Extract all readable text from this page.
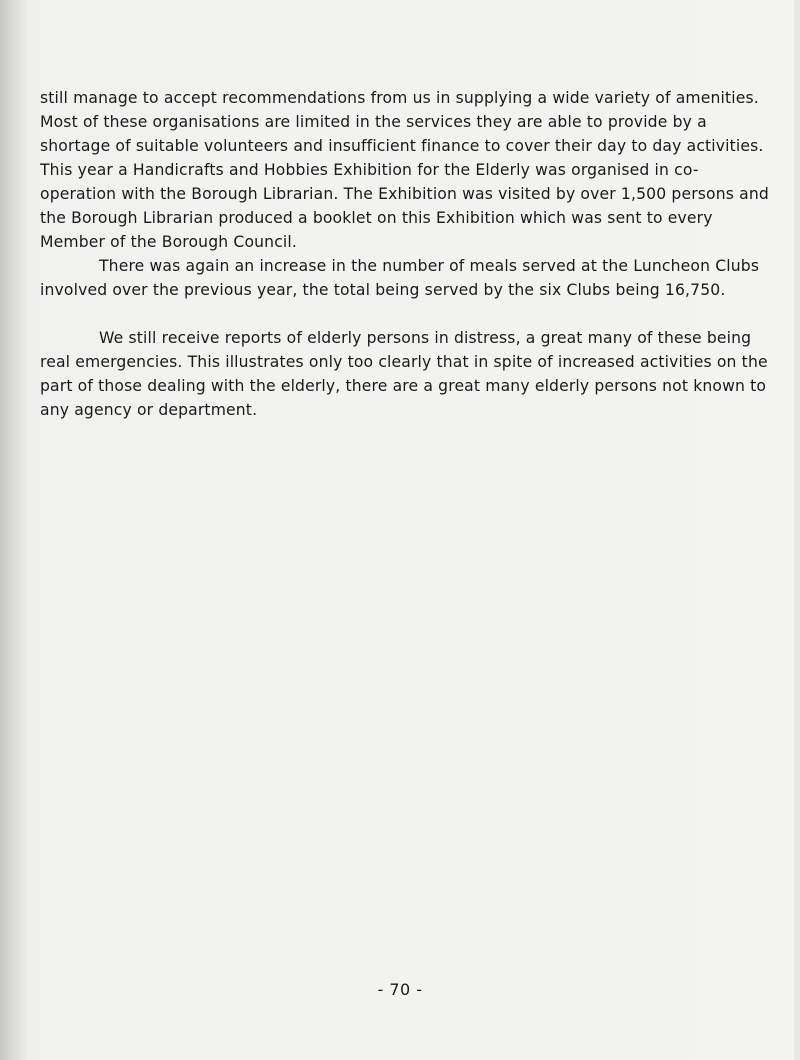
still manage to accept recommendations from us in supplying a wide variety of amenities. Most of these organisations are limited in the services they are able to provide by a shortage of suitable volunteers and insufficient finance to cover their day to day activities. This year a Handicrafts and Hobbies Exhibition for the Elderly was organised in co-operation with the Borough Librarian. The Exhibition was visited by over 1,500 persons and the Borough Librarian produced a booklet on this Exhibition which was sent to every Member of the Borough Council.

There was again an increase in the number of meals served at the Luncheon Clubs involved over the previous year, the total being served by the six Clubs being 16,750.

We still receive reports of elderly persons in distress, a great many of these being real emergencies. This illustrates only too clearly that in spite of increased activities on the part of those dealing with the elderly, there are a great many elderly persons not known to any agency or department.

- 70 -
